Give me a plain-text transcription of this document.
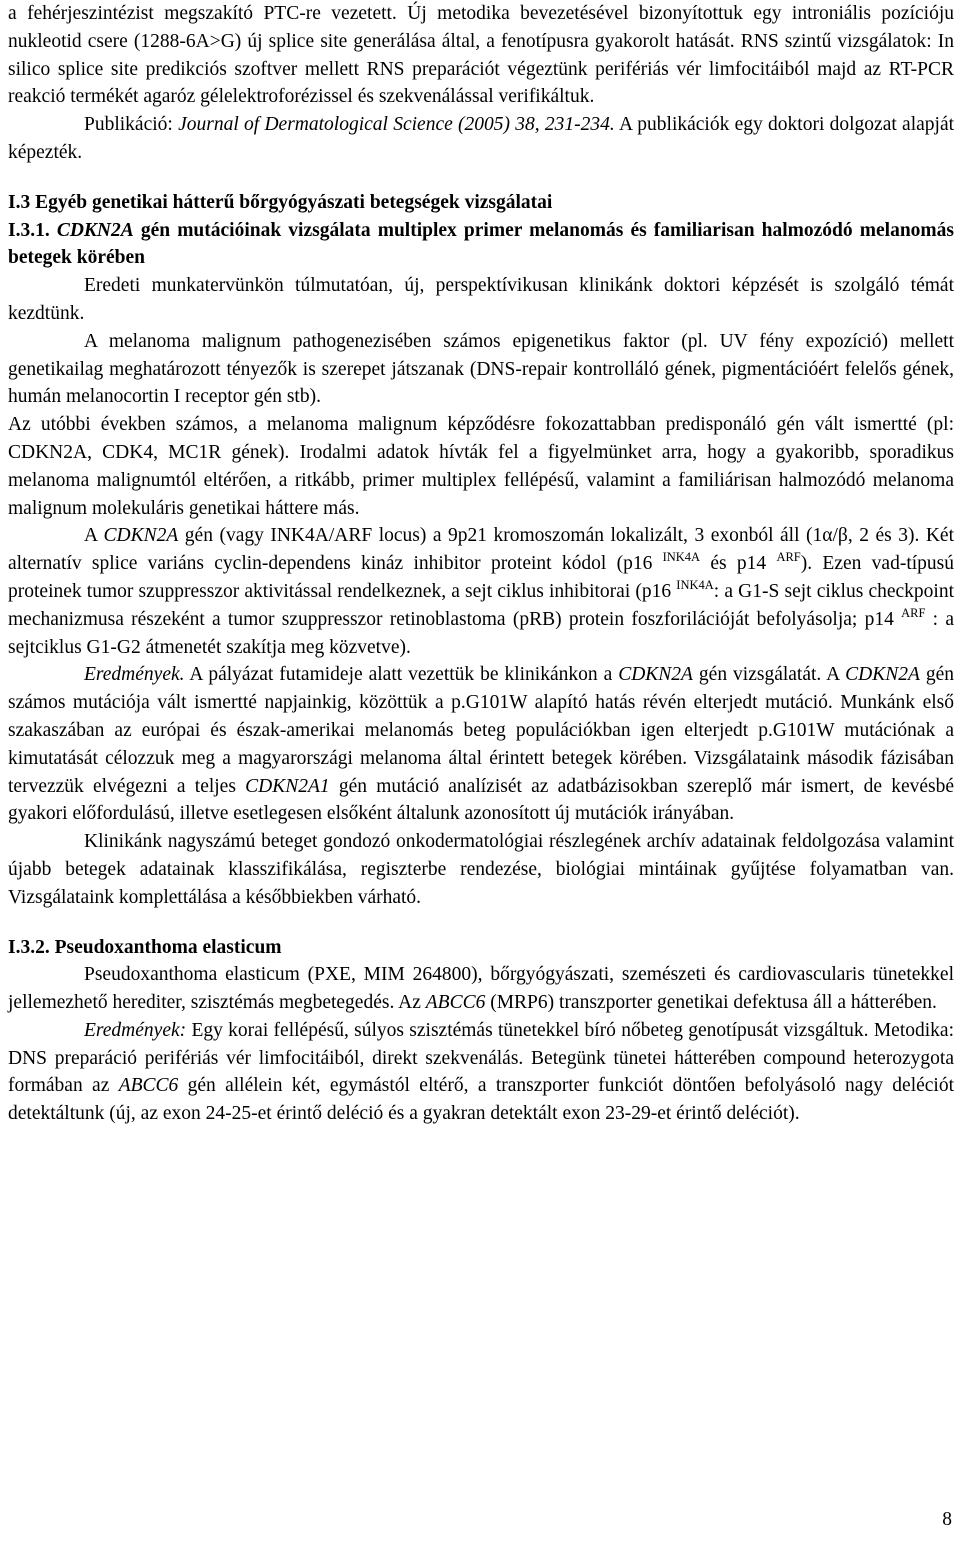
a fehérjeszintézist megszakító PTC-re vezetett. Új metodika bevezetésével bizonyítottuk egy introniális pozícióju nukleotid csere (1288-6A>G) új splice site generálása által, a fenotípusra gyakorolt hatását. RNS szintű vizsgálatok: In silico splice site predikciós szoftver mellett RNS preparációt végeztünk perifériás vér limfocitáiból majd az RT-PCR reakció termékét agaróz gélelektroforézissel és szekvenálással verifikáltuk.

Publikáció: Journal of Dermatological Science (2005) 38, 231-234. A publikációk egy doktori dolgozat alapját képezték.

I.3 Egyéb genetikai hátterű bőrgyógyászati betegségek vizsgálatai

I.3.1. CDKN2A gén mutációinak vizsgálata multiplex primer melanomás és familiarisan halmozódó melanomás betegek körében

Eredeti munkatervünkön túlmutatóan, új, perspektívikusan klinikánk doktori képzését is szolgáló témát kezdtünk.

A melanoma malignum pathogenezisében számos epigenetikus faktor (pl. UV fény expozíció) mellett genetikailag meghatározott tényezők is szerepet játszanak (DNS-repair kontrolláló gének, pigmentációért felelős gének, humán melanocortin I receptor gén stb).

Az utóbbi években számos, a melanoma malignum képződésre fokozattabban predisponáló gén vált ismertté (pl: CDKN2A, CDK4, MC1R gének). Irodalmi adatok hívták fel a figyelmünket arra, hogy a gyakoribb, sporadikus melanoma malignumtól eltérően, a ritkább, primer multiplex fellépésű, valamint a familiárisan halmozódó melanoma malignum molekuláris genetikai háttere más.

A CDKN2A gén (vagy INK4A/ARF locus) a 9p21 kromoszomán lokalizált, 3 exonból áll (1α/β, 2 és 3). Két alternatív splice variáns cyclin-dependens kináz inhibitor proteint kódol (p16 $^{INK4A}$ és p14 $^{ARF}$). Ezen vad-típusú proteinek tumor szuppresszor aktivitással rendelkeznek, a sejt ciklus inhibitorai (p16 $^{INK4A}$: a G1-S sejt ciklus checkpoint mechanizmusa részeként a tumor szuppresszor retinoblastoma (pRB) protein foszforilációját befolyásolja; p14 $^{ARF}$ : a sejtciklus G1-G2 átmenetét szakítja meg közvetve).

Eredmények. A pályázat futamideje alatt vezettük be klinikánkon a CDKN2A gén vizsgálatát. A CDKN2A gén számos mutációja vált ismertté napjainkig, közöttük a p.G101W alapító hatás révén elterjedt mutáció. Munkánk első szakaszában az európai és észak-amerikai melanomás beteg populációkban igen elterjedt p.G101W mutációnak a kimutatását célozzuk meg a magyarországi melanoma által érintett betegek körében. Vizsgálataink második fázisában tervezzük elvégezni a teljes CDKN2A1 gén mutáció analízisét az adatbázisokban szereplő már ismert, de kevésbé gyakori előfordulású, illetve esetlegesen elsőként általunk azonosított új mutációk irányában.

Klinikánk nagyszámú beteget gondozó onkodermatológiai részlegének archív adatainak feldolgozása valamint újabb betegek adatainak klasszifikálása, regiszterbe rendezése, biológiai mintáinak gyűjtése folyamatban van. Vizsgálataink komplettálása a későbbiekben várható.

I.3.2. Pseudoxanthoma elasticum

Pseudoxanthoma elasticum (PXE, MIM 264800), bőrgyógyászati, szemészeti és cardiovascularis tünetekkel jellemezhető herediter, szisztémás megbetegedés. Az ABCC6 (MRP6) transzporter genetikai defektusa áll a hátterében.

Eredmények: Egy korai fellépésű, súlyos szisztémás tünetekkel bíró nőbeteg genotípusát vizsgáltuk. Metodika: DNS preparáció perifériás vér limfocitáiból, direkt szekvenálás. Betegünk tünetei hátterében compound heterozygota formában az ABCC6 gén allélein két, egymástól eltérő, a transzporter funkciót döntően befolyásoló nagy deléciót detektáltunk (új, az exon 24-25-et érintő deléció és a gyakran detektált exon 23-29-et érintő deléciót).

8
